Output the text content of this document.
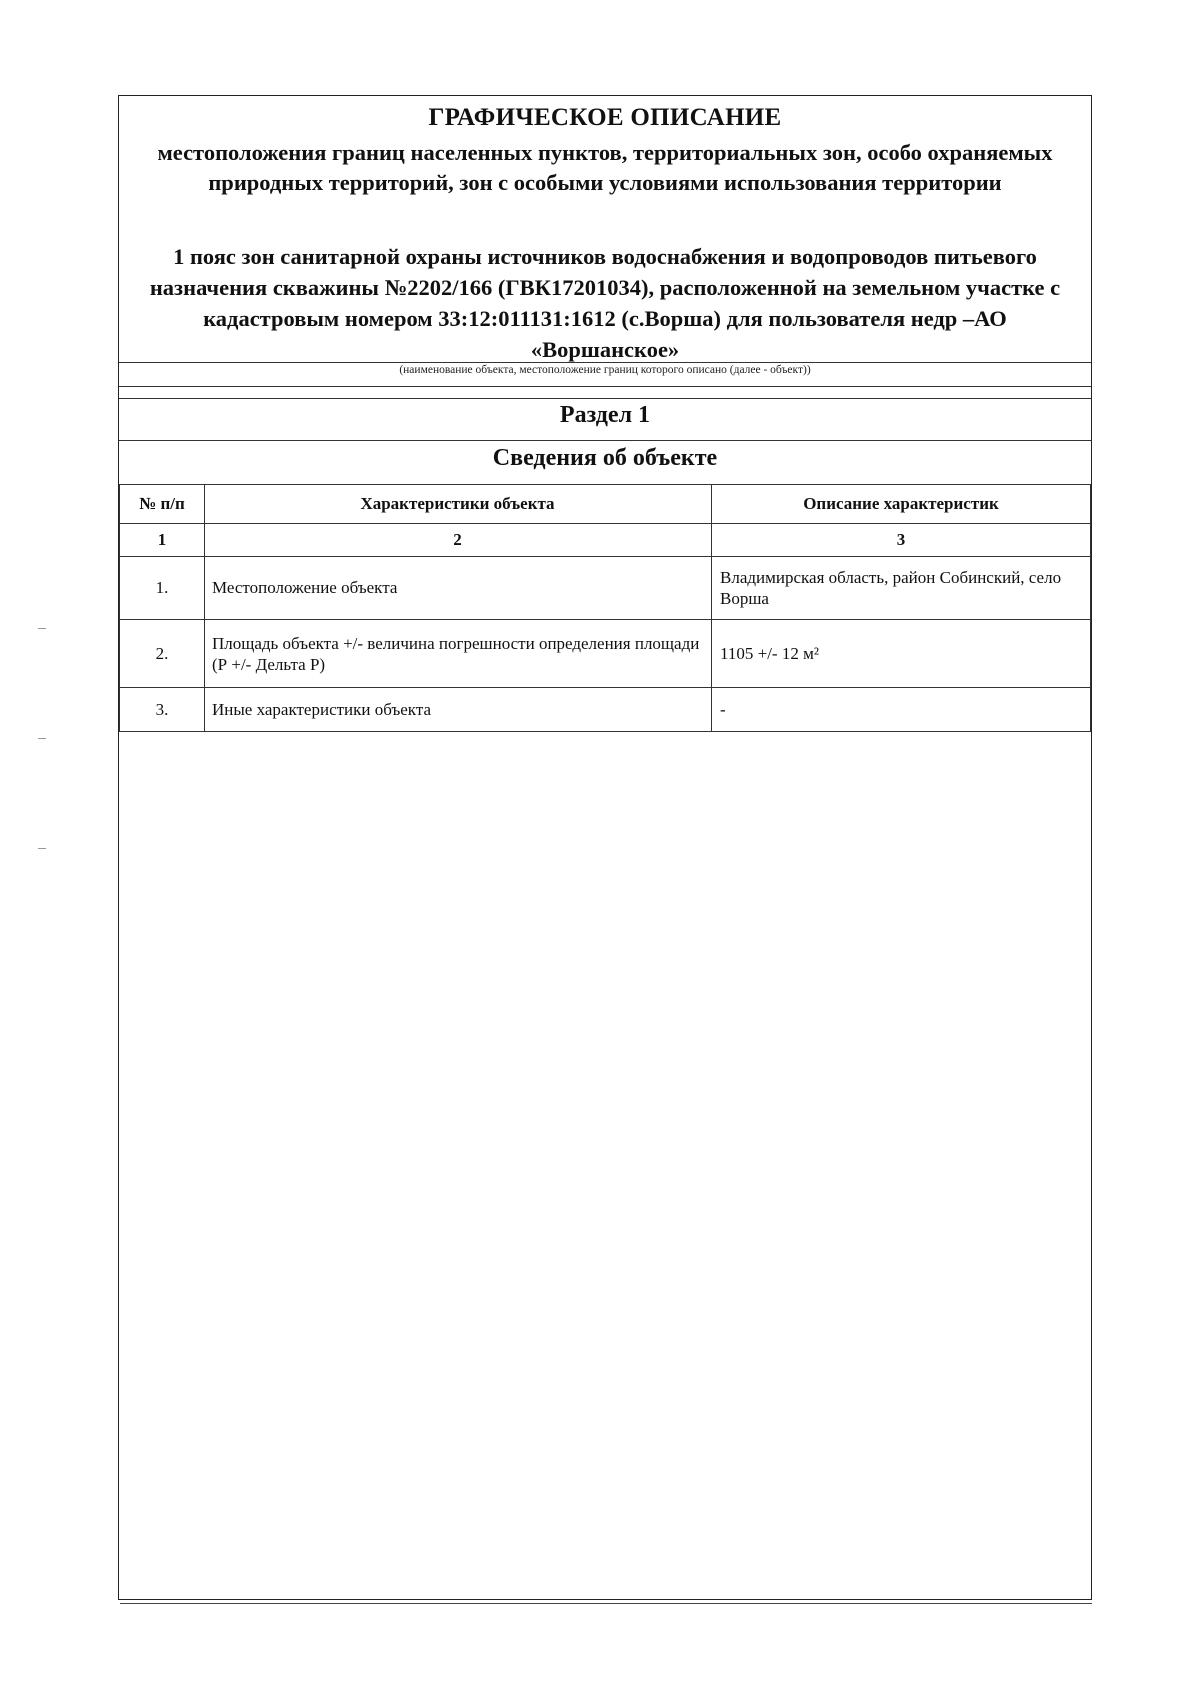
ГРАФИЧЕСКОЕ ОПИСАНИЕ
местоположения границ населенных пунктов, территориальных зон, особо охраняемых природных территорий, зон с особыми условиями использования территории
1 пояс зон санитарной охраны источников водоснабжения и водопроводов питьевого назначения скважины №2202/166 (ГВК17201034), расположенной на земельном участке с кадастровым номером 33:12:011131:1612 (с.Ворша) для пользователя недр –АО «Воршанское»
(наименование объекта, местоположение границ которого описано (далее - объект))
Раздел 1
Сведения об объекте
№ п/п	Характеристики объекта	Описание характеристик
1	2	3
1.	Местоположение объекта	Владимирская область, район Собинский, село Ворша
2.	Площадь объекта +/- величина погрешности определения площади (Р +/- Дельта Р)	1105 +/- 12 м²
3.	Иные характеристики объекта	-
